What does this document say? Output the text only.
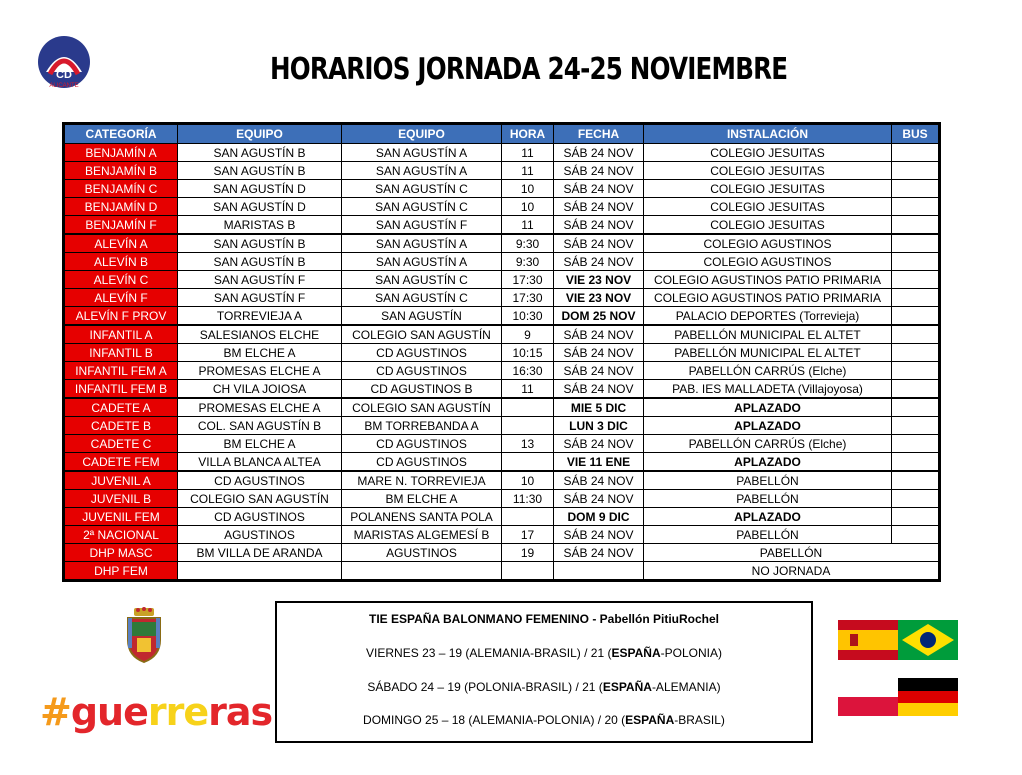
CD
ALICANTE	HORARIOS JORNADA 24-25 NOVIEMBRE
CATEGORÍA	EQUIPO	EQUIPO	HORA	FECHA	INSTALACIÓN	BUS
BENJAMÍN A	SAN AGUSTÍN B	SAN AGUSTÍN A	11	SÁB 24 NOV	COLEGIO JESUITAS	
BENJAMÍN B	SAN AGUSTÍN B	SAN AGUSTÍN A	11	SÁB 24 NOV	COLEGIO JESUITAS	
BENJAMÍN C	SAN AGUSTÍN D	SAN AGUSTÍN C	10	SÁB 24 NOV	COLEGIO JESUITAS	
BENJAMÍN D	SAN AGUSTÍN D	SAN AGUSTÍN C	10	SÁB 24 NOV	COLEGIO JESUITAS	
BENJAMÍN F	MARISTAS B	SAN AGUSTÍN F	11	SÁB 24 NOV	COLEGIO JESUITAS	
ALEVÍN A	SAN AGUSTÍN B	SAN AGUSTÍN A	9:30	SÁB 24 NOV	COLEGIO AGUSTINOS	
ALEVÍN B	SAN AGUSTÍN B	SAN AGUSTÍN A	9:30	SÁB 24 NOV	COLEGIO AGUSTINOS	
ALEVÍN C	SAN AGUSTÍN F	SAN AGUSTÍN C	17:30	VIE 23 NOV	COLEGIO AGUSTINOS PATIO PRIMARIA	
ALEVÍN F	SAN AGUSTÍN F	SAN AGUSTÍN C	17:30	VIE 23 NOV	COLEGIO AGUSTINOS PATIO PRIMARIA	
ALEVÍN F PROV	TORREVIEJA A	SAN AGUSTÍN	10:30	DOM 25 NOV	PALACIO DEPORTES (Torrevieja)	
INFANTIL A	SALESIANOS ELCHE	COLEGIO SAN AGUSTÍN	9	SÁB 24 NOV	PABELLÓN MUNICIPAL EL ALTET	
INFANTIL B	BM ELCHE A	CD AGUSTINOS	10:15	SÁB 24 NOV	PABELLÓN MUNICIPAL EL ALTET	
INFANTIL FEM A	PROMESAS ELCHE A	CD AGUSTINOS	16:30	SÁB 24 NOV	PABELLÓN CARRÚS (Elche)	
INFANTIL FEM B	CH VILA JOIOSA	CD AGUSTINOS B	11	SÁB 24 NOV	PAB. IES MALLADETA (Villajoyosa)	
CADETE A	PROMESAS ELCHE A	COLEGIO SAN AGUSTÍN		MIE 5 DIC	APLAZADO	
CADETE B	COL. SAN AGUSTÍN B	BM TORREBANDA A		LUN 3 DIC	APLAZADO	
CADETE C	BM ELCHE A	CD AGUSTINOS	13	SÁB 24 NOV	PABELLÓN CARRÚS (Elche)	
CADETE FEM	VILLA BLANCA ALTEA	CD AGUSTINOS		VIE 11 ENE	APLAZADO	
JUVENIL A	CD AGUSTINOS	MARE N. TORREVIEJA	10	SÁB 24 NOV	PABELLÓN	
JUVENIL B	COLEGIO SAN AGUSTÍN	BM ELCHE A	11:30	SÁB 24 NOV	PABELLÓN	
JUVENIL FEM	CD AGUSTINOS	POLANENS SANTA POLA		DOM 9 DIC	APLAZADO	
2ª NACIONAL	AGUSTINOS	MARISTAS ALGEMESÍ B	17	SÁB 24 NOV	PABELLÓN	
DHP MASC	BM VILLA DE ARANDA	AGUSTINOS	19	SÁB 24 NOV	PABELLÓN	
DHP FEM					NO JORNADA	
#guerreras
TIE ESPAÑA BALONMANO FEMENINO - Pabellón PitiuRochel
VIERNES 23 – 19 (ALEMANIA-BRASIL) / 21 (ESPAÑA-POLONIA)
SÁBADO 24 – 19 (POLONIA-BRASIL) / 21 (ESPAÑA-ALEMANIA)
DOMINGO 25 – 18 (ALEMANIA-POLONIA) / 20 (ESPAÑA-BRASIL)
